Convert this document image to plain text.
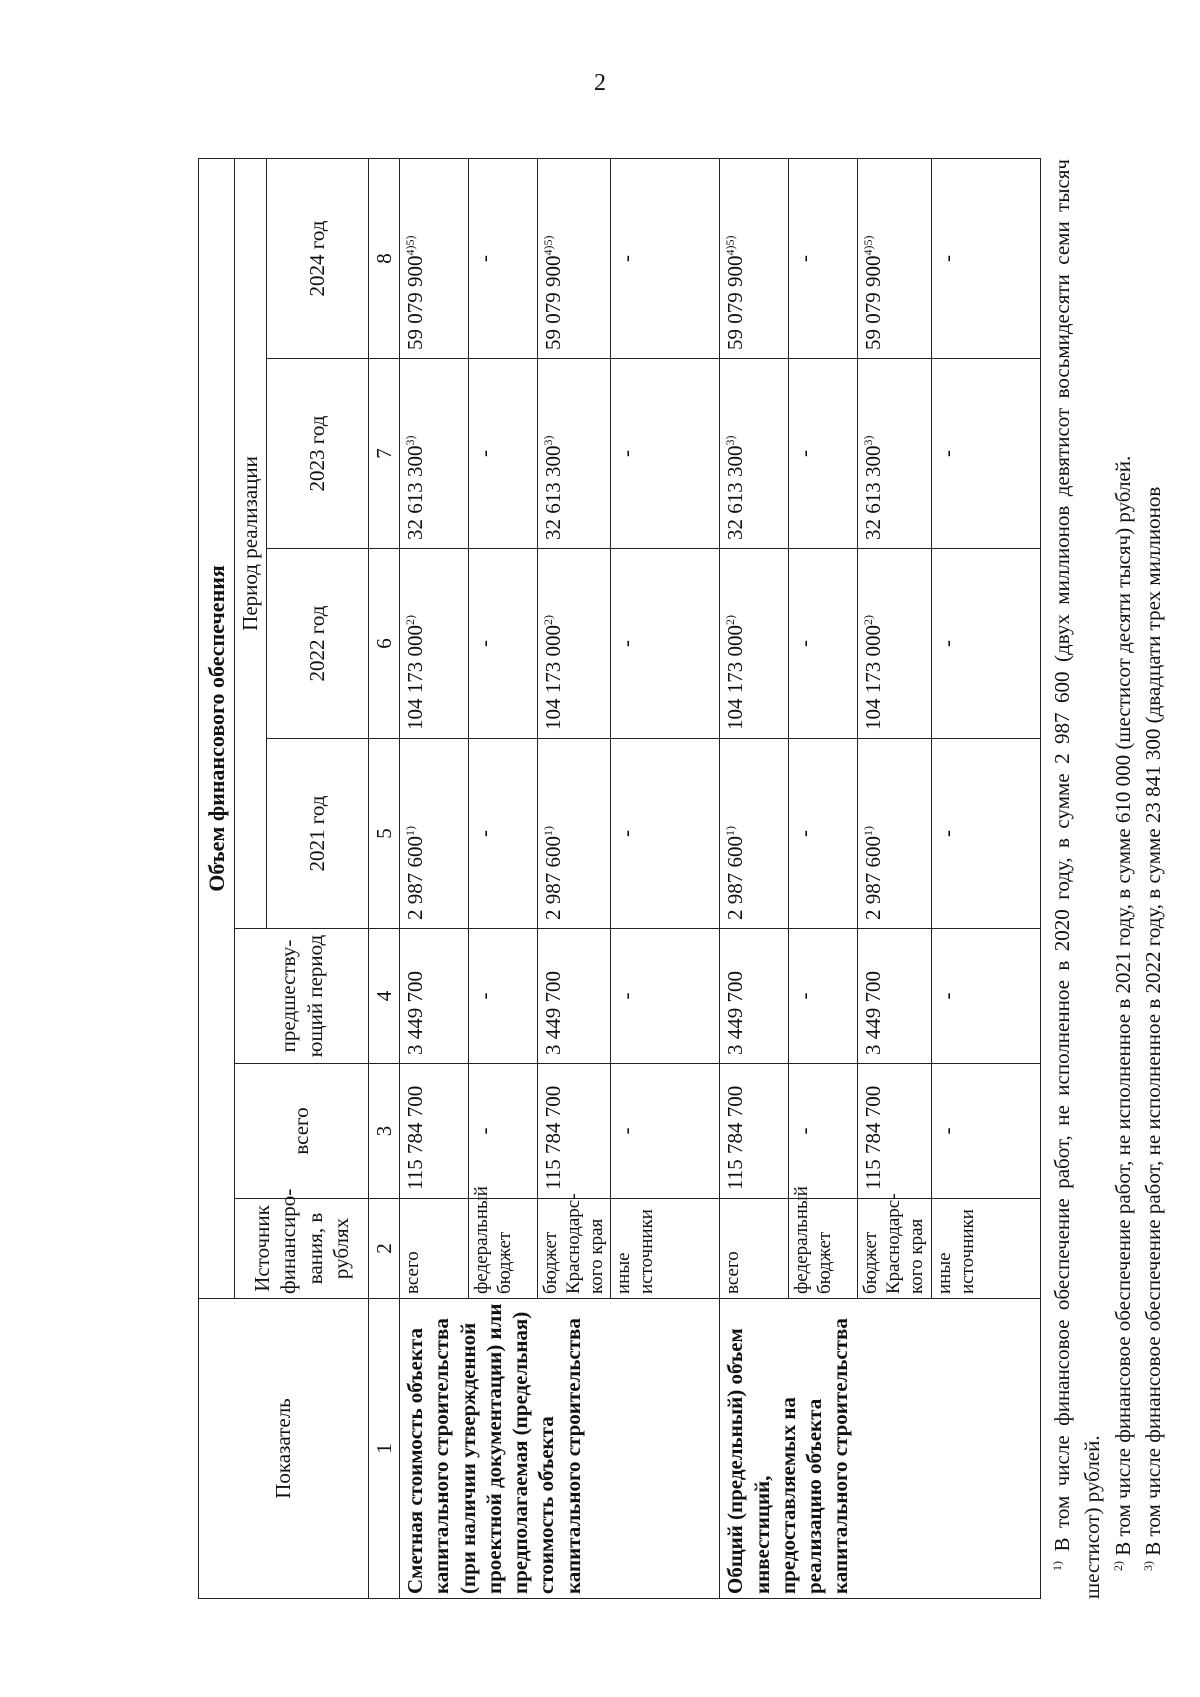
2
Показатель	Объем финансового обеспечения						
	Источник финансиро-вания, в рублях	всего	предшеству-ющий период	Период реализации			
				2021 год	2022 год	2023 год	2024 год
1	2	3	4	5	6	7	8
Сметная стоимость объекта капитального строительства (при наличии утвержденной проектной документации) или предполагаемая (предельная) стоимость объекта капитального строительства	всего	115 784 700	3 449 700	2 987 600$^{1)}$	104 173 000$^{2)}$	32 613 300$^{3)}$	59 079 $900^{4)5)}$
	федеральный бюджет	-	-	-	-	-	-
	бюджет Краснодарс-кого края	115 784 700	3 449 700	2 987 600$^{1)}$	104 173 000$^{2)}$	32 613 300$^{3)}$	59 079 $900^{4)5)}$
	иные источники	-	-	-	-	-	-
Общий (предельный) объем инвестиций, предоставляемых на реализацию объекта капитального строительства	всего	115 784 700	3 449 700	2 987 600$^{1)}$	104 173 000$^{2)}$	32 613 300$^{3)}$	59 079 $900^{4)5)}$
	федеральный бюджет	-	-	-	-	-	-
	бюджет Краснодарс-кого края	115 784 700	3 449 700	2 987 600$^{1)}$	104 173 000$^{2)}$	32 613 300$^{3)}$	59 079 $900^{4)5)}$
	иные источники	-	-	-	-	-	-

$^{1)}$ В том числе финансовое обеспечение работ, не исполненное в 2020 году, в сумме 2 987 600 (двух миллионов девятисот восьмидесяти семи тысяч шестисот) рублей. $^{2)}$ В том числе финансовое обеспечение работ, не исполненное в 2021 году, в сумме 610 000 (шестисот десяти тысяч) рублей.

$^{3)}$ В том числе финансовое обеспечение работ, не исполненное в 2022 году, в сумме 23 841 300 (двадцати трех миллионов
